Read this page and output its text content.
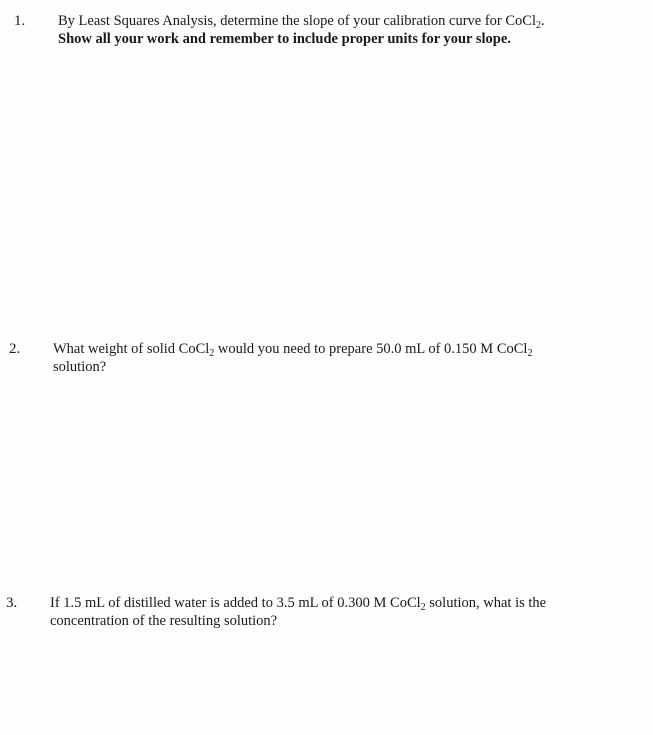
1. By Least Squares Analysis, determine the slope of your calibration curve for CoCl$_2$.
Show all your work and remember to include proper units for your slope.
2. What weight of solid CoCl$_2$ would you need to prepare 50.0 mL of 0.150 M CoCl$_2$
solution?
3. If 1.5 mL of distilled water is added to 3.5 mL of 0.300 M CoCl$_2$ solution, what is the
concentration of the resulting solution?
